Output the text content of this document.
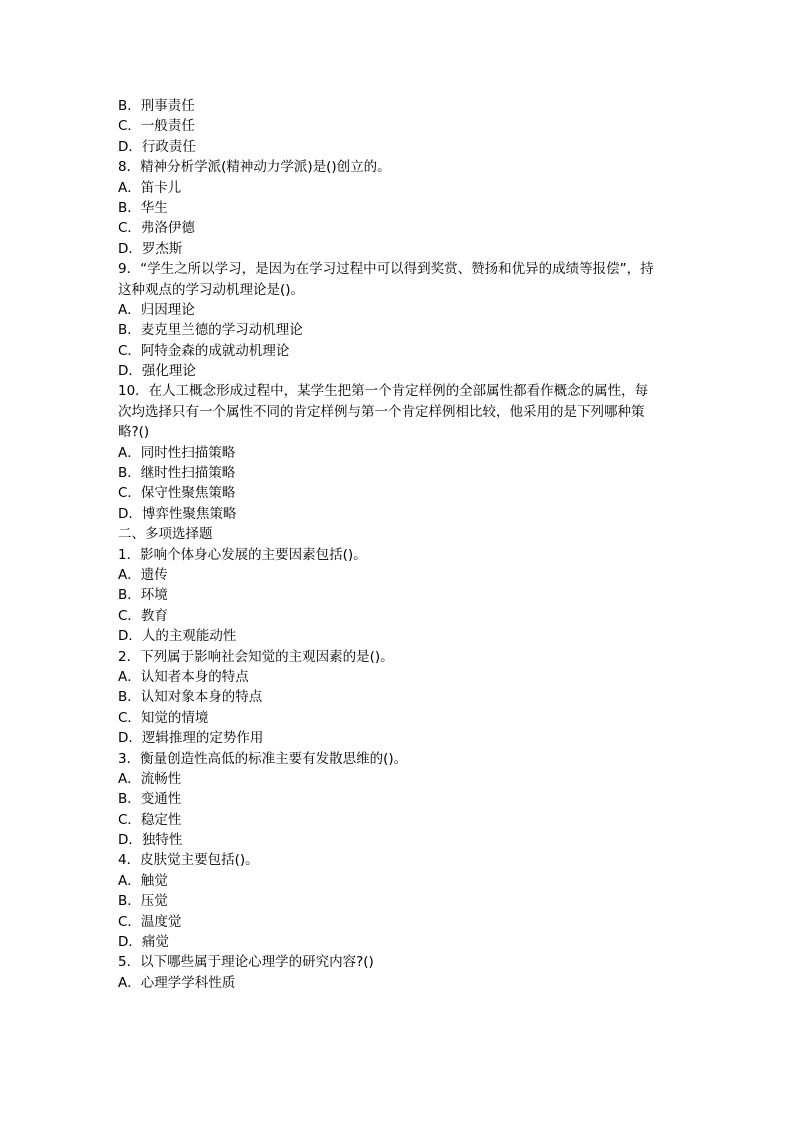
B．刑事责任
C．一般责任
D．行政责任
8．精神分析学派(精神动力学派)是()创立的。
A．笛卡儿
B．华生
C．弗洛伊德
D．罗杰斯
9．“学生之所以学习，是因为在学习过程中可以得到奖赏、赞扬和优异的成绩等报偿”，持
这种观点的学习动机理论是()。
A．归因理论
B．麦克里兰德的学习动机理论
C．阿特金森的成就动机理论
D．强化理论
10．在人工概念形成过程中，某学生把第一个肯定样例的全部属性都看作概念的属性，每
次均选择只有一个属性不同的肯定样例与第一个肯定样例相比较，他采用的是下列哪种策
略?()
A．同时性扫描策略
B．继时性扫描策略
C．保守性聚焦策略
D．博弈性聚焦策略
二、多项选择题
1．影响个体身心发展的主要因素包括()。
A．遗传
B．环境
C．教育
D．人的主观能动性
2．下列属于影响社会知觉的主观因素的是()。
A．认知者本身的特点
B．认知对象本身的特点
C．知觉的情境
D．逻辑推理的定势作用
3．衡量创造性高低的标准主要有发散思维的()。
A．流畅性
B．变通性
C．稳定性
D．独特性
4．皮肤觉主要包括()。
A．触觉
B．压觉
C．温度觉
D．痛觉
5．以下哪些属于理论心理学的研究内容?()
A．心理学学科性质
